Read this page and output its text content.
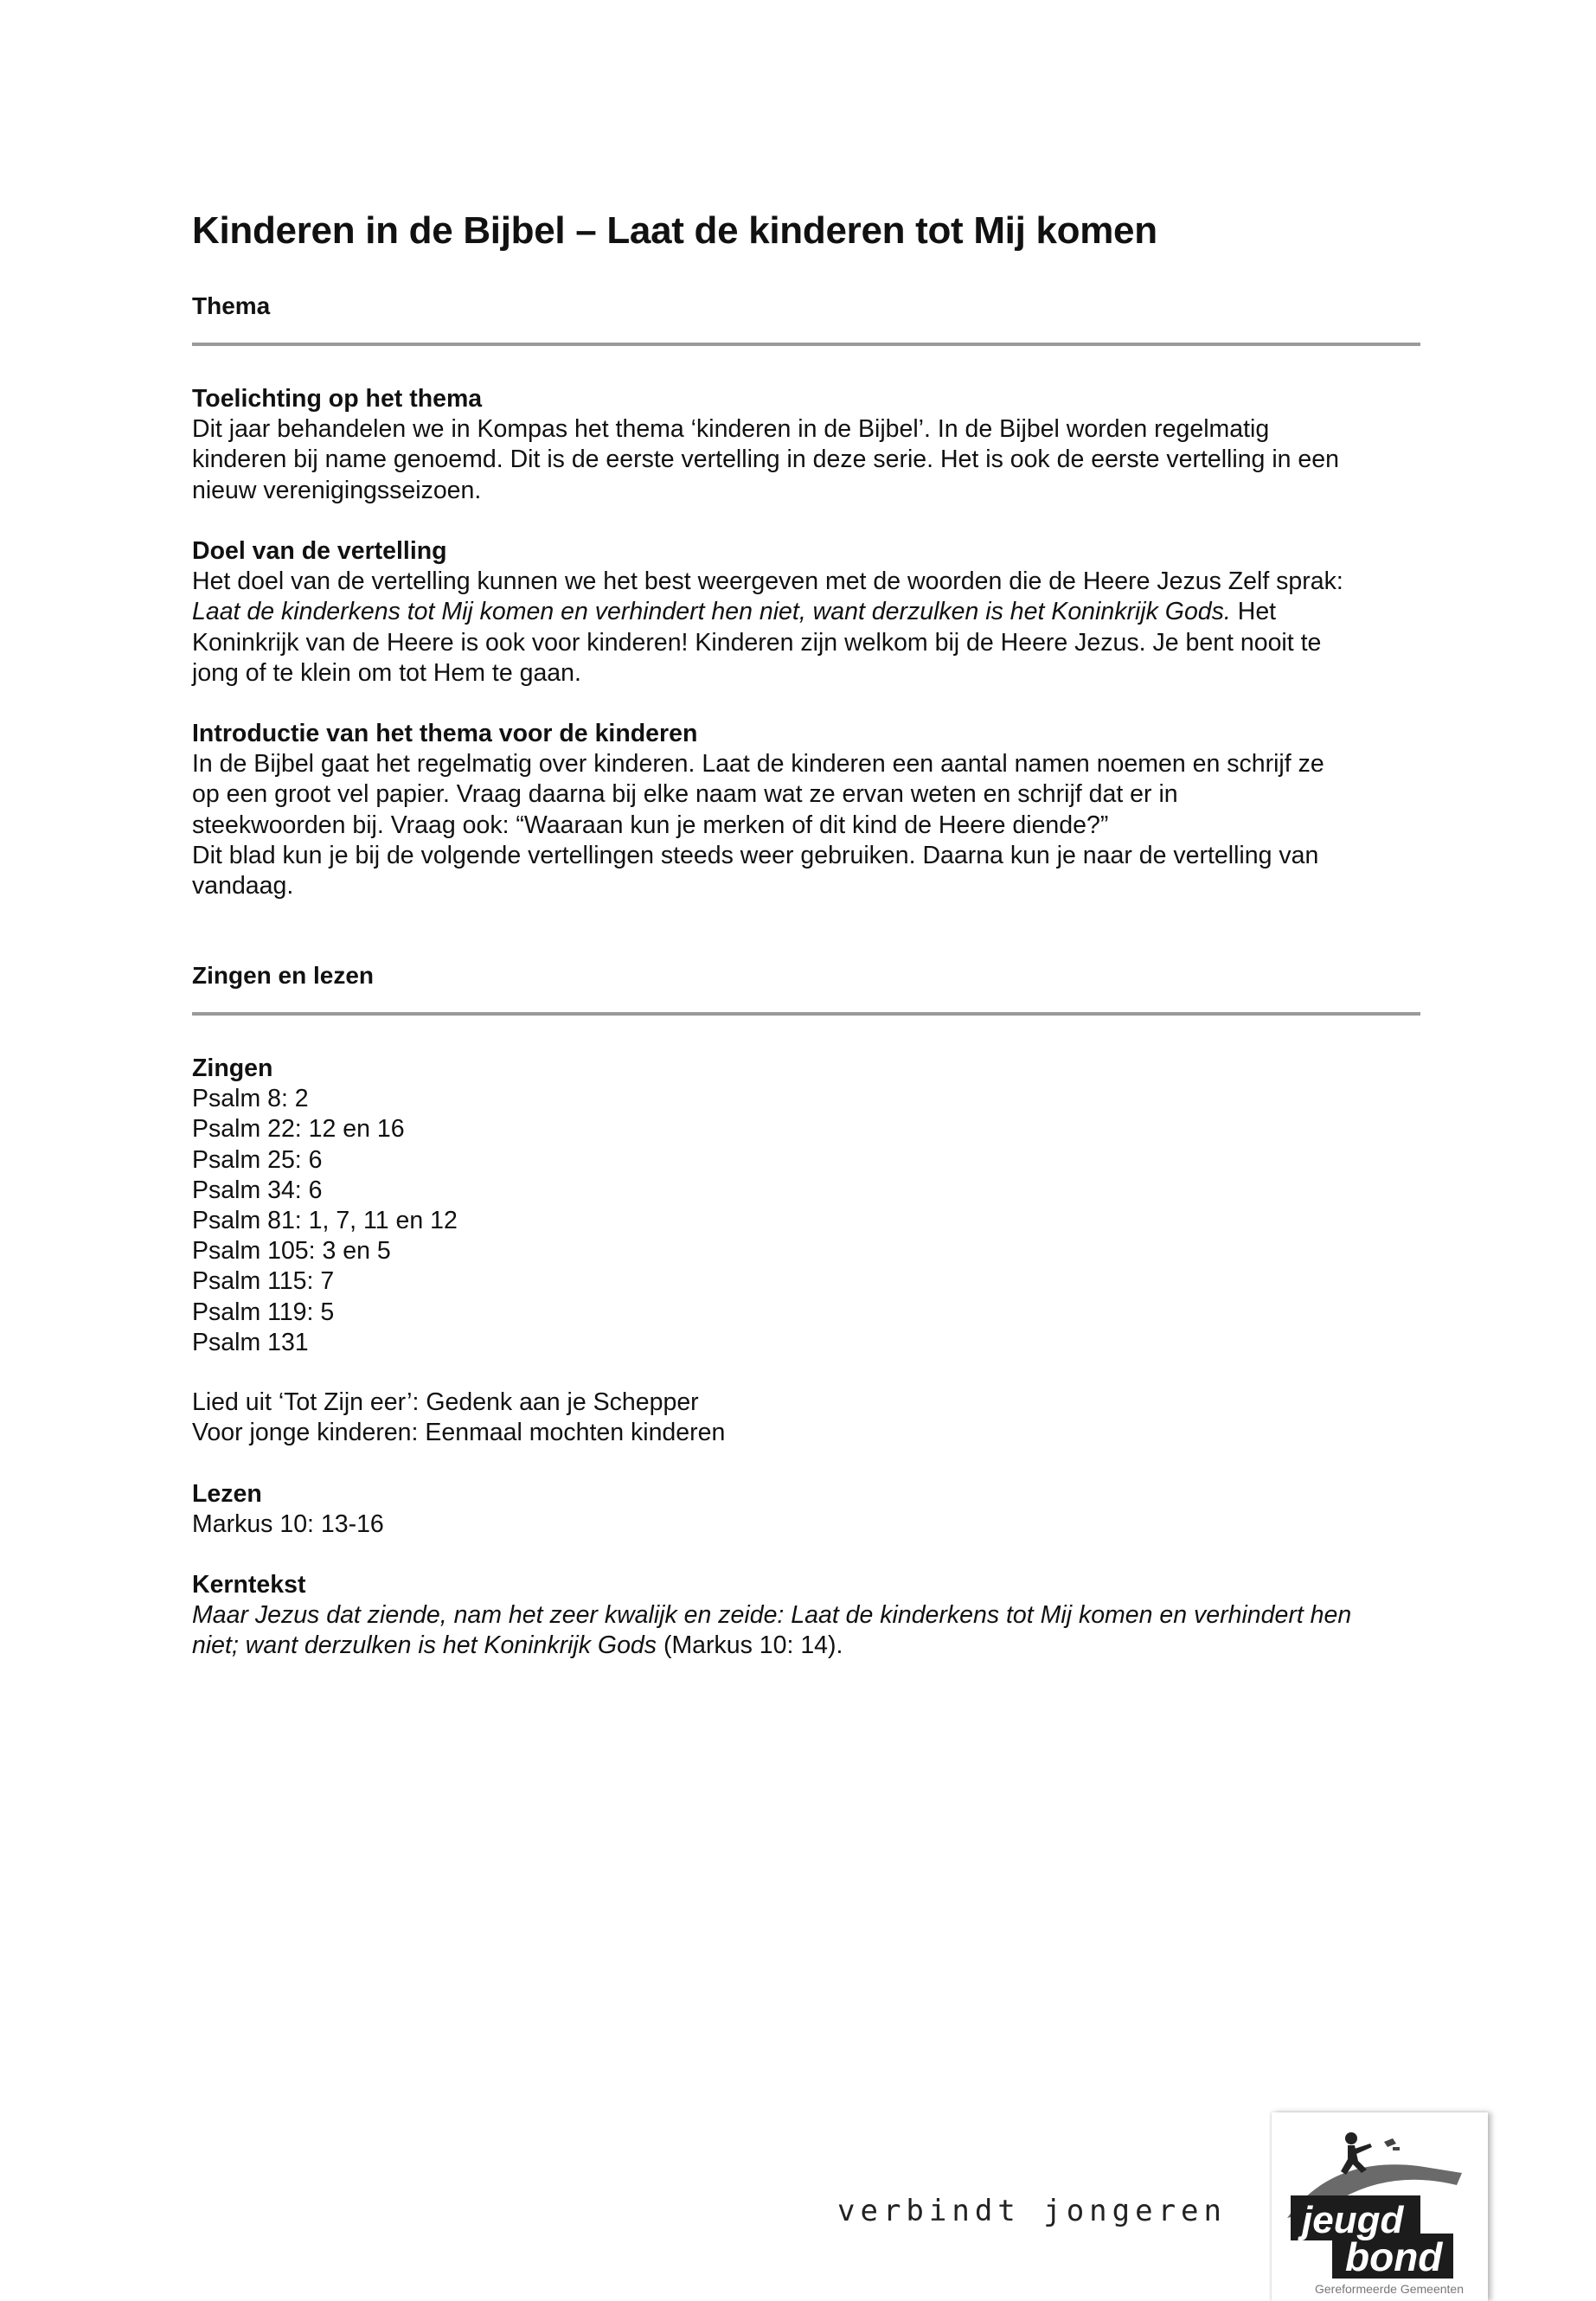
Kinderen in de Bijbel – Laat de kinderen tot Mij komen
Thema
Toelichting op het thema
Dit jaar behandelen we in Kompas het thema ‘kinderen in de Bijbel’. In de Bijbel worden regelmatig
kinderen bij name genoemd. Dit is de eerste vertelling in deze serie. Het is ook de eerste vertelling in een
nieuw verenigingsseizoen.
Doel van de vertelling
Het doel van de vertelling kunnen we het best weergeven met de woorden die de Heere Jezus Zelf sprak:
Laat de kinderkens tot Mij komen en verhindert hen niet, want derzulken is het Koninkrijk Gods. Het
Koninkrijk van de Heere is ook voor kinderen! Kinderen zijn welkom bij de Heere Jezus. Je bent nooit te
jong of te klein om tot Hem te gaan.
Introductie van het thema voor de kinderen
In de Bijbel gaat het regelmatig over kinderen. Laat de kinderen een aantal namen noemen en schrijf ze
op een groot vel papier. Vraag daarna bij elke naam wat ze ervan weten en schrijf dat er in
steekwoorden bij. Vraag ook: “Waaraan kun je merken of dit kind de Heere diende?”
Dit blad kun je bij de volgende vertellingen steeds weer gebruiken. Daarna kun je naar de vertelling van
vandaag.
Zingen en lezen
Zingen
Psalm 8: 2
Psalm 22: 12 en 16
Psalm 25: 6
Psalm 34: 6
Psalm 81: 1, 7, 11 en 12
Psalm 105: 3 en 5
Psalm 115: 7
Psalm 119: 5
Psalm 131
Lied uit ‘Tot Zijn eer’: Gedenk aan je Schepper
Voor jonge kinderen: Eenmaal mochten kinderen
Lezen
Markus 10: 13-16
Kerntekst
Maar Jezus dat ziende, nam het zeer kwalijk en zeide: Laat de kinderkens tot Mij komen en verhindert hen
niet; want derzulken is het Koninkrijk Gods (Markus 10: 14).
verbindt jongeren jeugd
bond
Gereformeerde Gemeenten
